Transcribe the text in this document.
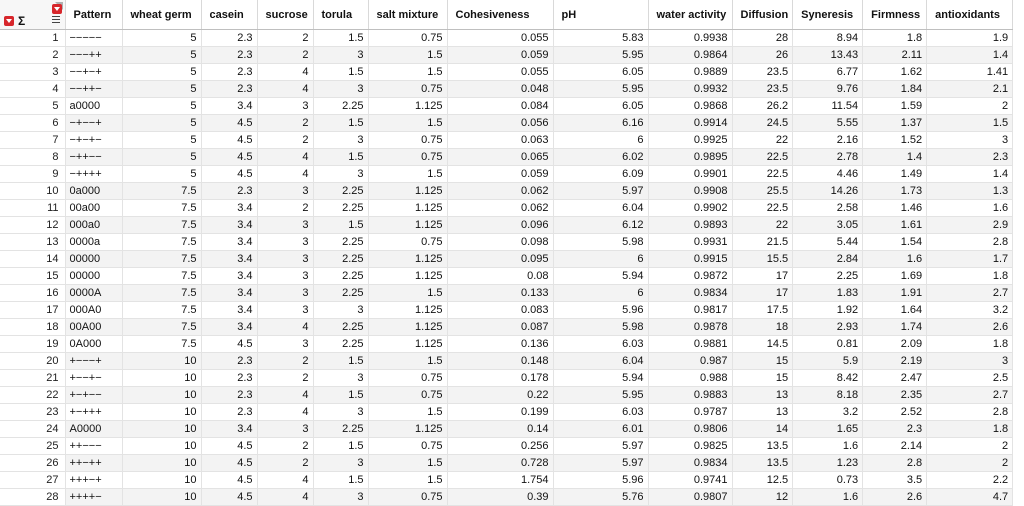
Σ	Pattern	wheat germ	casein	sucrose	torula	salt mixture	Cohesiveness	pH	water activity	Diffusion	Syneresis	Firmness	antioxidants
1	−−−−−	5	2.3	2	1.5	0.75	0.055	5.83	0.9938	28	8.94	1.8	1.9
2	−−−++	5	2.3	2	3	1.5	0.059	5.95	0.9864	26	13.43	2.11	1.4
3	−−+−+	5	2.3	4	1.5	1.5	0.055	6.05	0.9889	23.5	6.77	1.62	1.41
4	−−++−	5	2.3	4	3	0.75	0.048	5.95	0.9932	23.5	9.76	1.84	2.1
5	a0000	5	3.4	3	2.25	1.125	0.084	6.05	0.9868	26.2	11.54	1.59	2
6	−+−−+	5	4.5	2	1.5	1.5	0.056	6.16	0.9914	24.5	5.55	1.37	1.5
7	−+−+−	5	4.5	2	3	0.75	0.063	6	0.9925	22	2.16	1.52	3
8	−++−−	5	4.5	4	1.5	0.75	0.065	6.02	0.9895	22.5	2.78	1.4	2.3
9	−++++	5	4.5	4	3	1.5	0.059	6.09	0.9901	22.5	4.46	1.49	1.4
10	0a000	7.5	2.3	3	2.25	1.125	0.062	5.97	0.9908	25.5	14.26	1.73	1.3
11	00a00	7.5	3.4	2	2.25	1.125	0.062	6.04	0.9902	22.5	2.58	1.46	1.6
12	000a0	7.5	3.4	3	1.5	1.125	0.096	6.12	0.9893	22	3.05	1.61	2.9
13	0000a	7.5	3.4	3	2.25	0.75	0.098	5.98	0.9931	21.5	5.44	1.54	2.8
14	00000	7.5	3.4	3	2.25	1.125	0.095	6	0.9915	15.5	2.84	1.6	1.7
15	00000	7.5	3.4	3	2.25	1.125	0.08	5.94	0.9872	17	2.25	1.69	1.8
16	0000A	7.5	3.4	3	2.25	1.5	0.133	6	0.9834	17	1.83	1.91	2.7
17	000A0	7.5	3.4	3	3	1.125	0.083	5.96	0.9817	17.5	1.92	1.64	3.2
18	00A00	7.5	3.4	4	2.25	1.125	0.087	5.98	0.9878	18	2.93	1.74	2.6
19	0A000	7.5	4.5	3	2.25	1.125	0.136	6.03	0.9881	14.5	0.81	2.09	1.8
20	+−−−+	10	2.3	2	1.5	1.5	0.148	6.04	0.987	15	5.9	2.19	3
21	+−−+−	10	2.3	2	3	0.75	0.178	5.94	0.988	15	8.42	2.47	2.5
22	+−+−−	10	2.3	4	1.5	0.75	0.22	5.95	0.9883	13	8.18	2.35	2.7
23	+−+++	10	2.3	4	3	1.5	0.199	6.03	0.9787	13	3.2	2.52	2.8
24	A0000	10	3.4	3	2.25	1.125	0.14	6.01	0.9806	14	1.65	2.3	1.8
25	++−−−	10	4.5	2	1.5	0.75	0.256	5.97	0.9825	13.5	1.6	2.14	2
26	++−++	10	4.5	2	3	1.5	0.728	5.97	0.9834	13.5	1.23	2.8	2
27	+++−+	10	4.5	4	1.5	1.5	1.754	5.96	0.9741	12.5	0.73	3.5	2.2
28	++++−	10	4.5	4	3	0.75	0.39	5.76	0.9807	12	1.6	2.6	4.7
